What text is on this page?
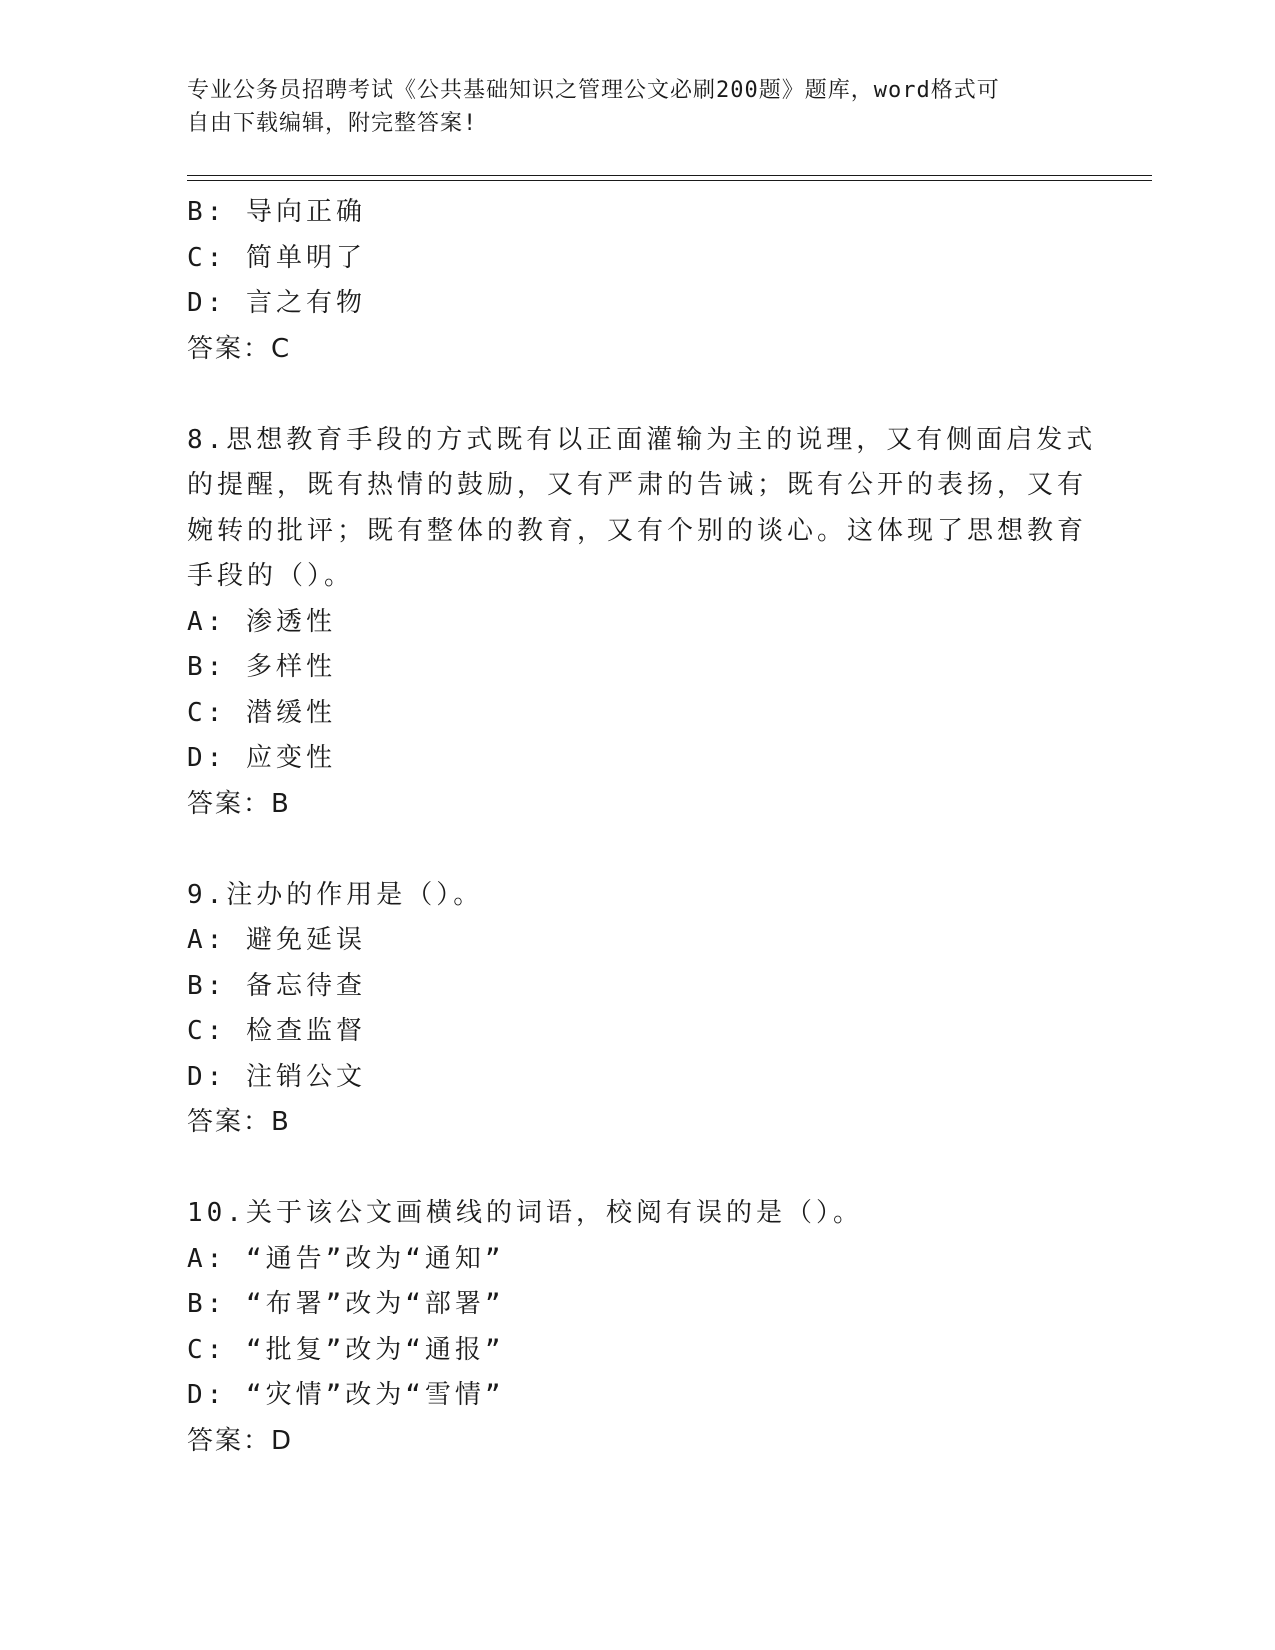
专业公务员招聘考试《公共基础知识之管理公文必刷200题》题库，word格式可
自由下载编辑，附完整答案!
B: 导向正确
C: 简单明了
D: 言之有物
答案：C
8.思想教育手段的方式既有以正面灌输为主的说理，又有侧面启发式
的提醒，既有热情的鼓励，又有严肃的告诫；既有公开的表扬，又有
婉转的批评；既有整体的教育，又有个别的谈心。这体现了思想教育
手段的（）。
A: 渗透性
B: 多样性
C: 潜缓性
D: 应变性
答案：B
9.注办的作用是（）。
A: 避免延误
B: 备忘待查
C: 检查监督
D: 注销公文
答案：B
10.关于该公文画横线的词语，校阅有误的是（）。
A: “通告”改为“通知”
B: “布署”改为“部署”
C: “批复”改为“通报”
D: “灾情”改为“雪情”
答案：D
